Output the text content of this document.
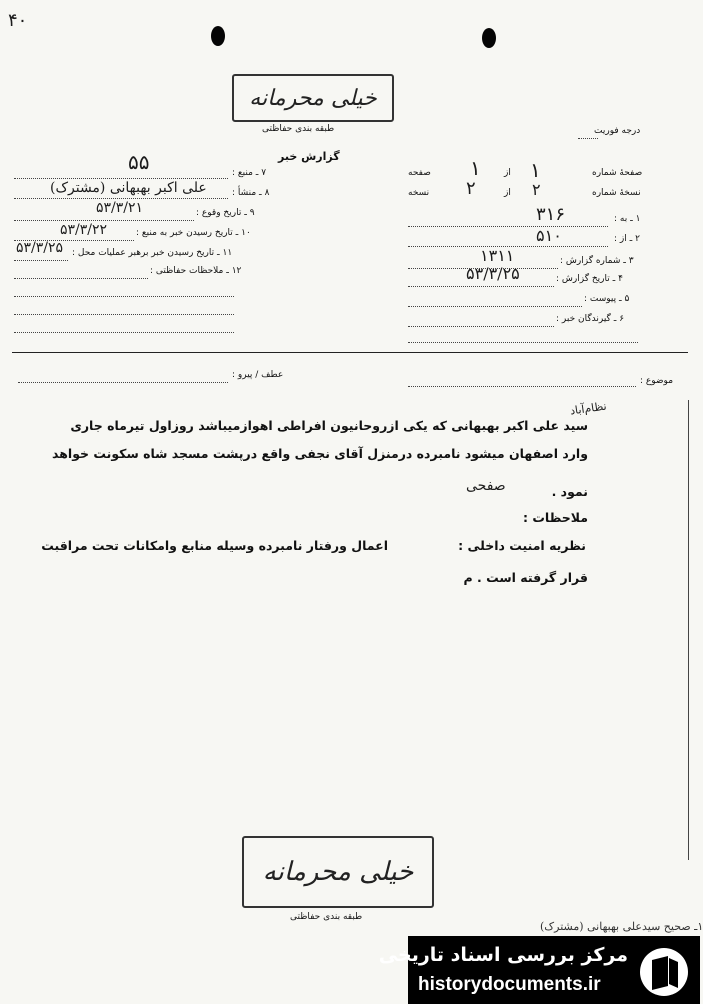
۴۰
خیلی محرمانه
طبقه بندی حفاظتی	درجه فوریت
گزارش خبر
صفحهٔ شماره
۱
از
۱
صفحه
نسخهٔ شماره
۲
از
۲
نسخه
۱ ـ به :
۳۱۶
۲ ـ از :
۵۱۰
۳ ـ شماره گزارش :
۱۳۱۱
۴ ـ تاریخ گزارش :
۵۳/۳/۲۵
۵ ـ پیوست :
۶ ـ گیرندگان خبر :
۷ ـ منبع :
۵۵
۸ ـ منشأ :
علی اکبر بهبهانی (مشترک)
۹ ـ تاریخ وقوع :
۵۳/۳/۲۱
۱۰ ـ تاریخ رسیدن خبر به منبع :
۵۳/۳/۲۲
۱۱ ـ تاریخ رسیدن خبر برهبر عملیات محل :
۵۳/۳/۲۵
۱۲ ـ ملاحظات حفاظتی :
عطف / پیرو :
موضوع :
نظام‌آباد
سید علی اکبر بهبهانی که یکی ازروحانیون افراطی اهوازمیباشد روزاول تیرماه جاری
وارد اصفهان میشود نامبرده درمنزل آقای نجفی واقع درپشت مسجد شاه سکونت خواهد
نمود .
صفحی
ملاحظات :
نظریه امنیت داخلی :
اعمال ورفتار نامبرده وسیله منابع وامکانات تحت مراقبت
قرار گرفته است . م
خیلی محرمانه
طبقه بندی حفاظتی
۱ـ صحیح سیدعلی بهبهانی (مشترک)
مرکز بررسی اسناد تاریخی
historydocuments.ir
